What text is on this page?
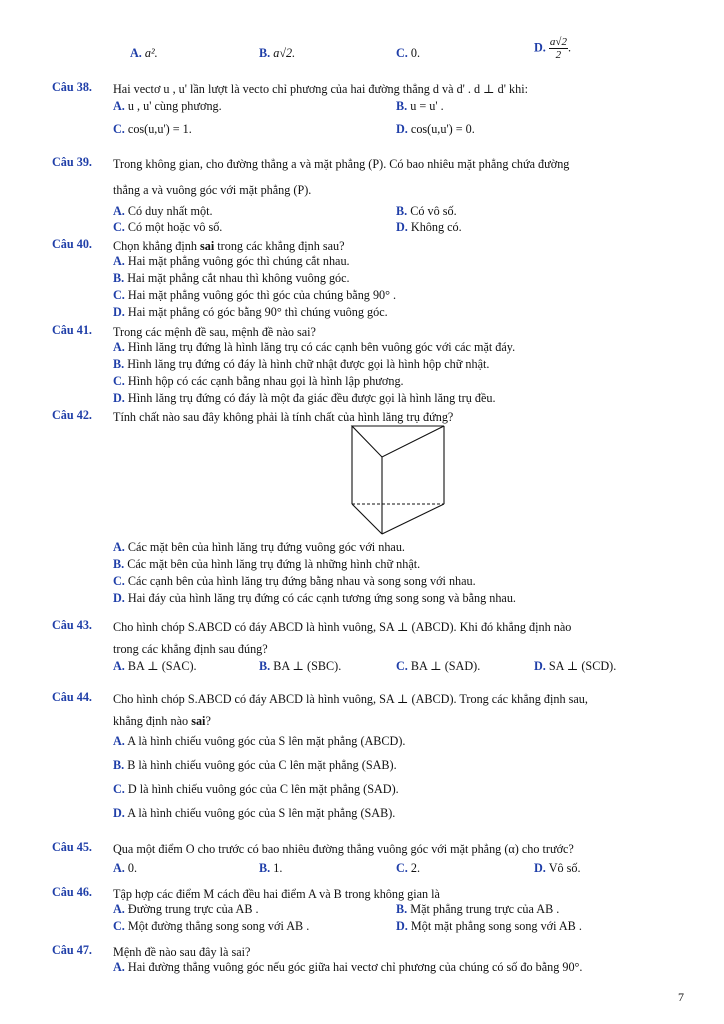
A. a².	B. a√2.	C. 0.	D. $\frac{a√2}{2}$ .
Câu 38. Hai vectơ u , u' lần lượt là vecto chỉ phương của hai đường thẳng d và d' . d ⊥ d' khi:
A. u , u' cùng phương.	B. u = u' .
C. cos(u,u') = 1.	D. cos(u,u') = 0.
Câu 39. Trong không gian, cho đường thẳng a và mặt phẳng (P). Có bao nhiêu mặt phẳng chứa đường
thẳng a và vuông góc với mặt phẳng (P).
A. Có duy nhất một.	B. Có vô số.
C. Có một hoặc vô số.	D. Không có.
Câu 40. Chọn khẳng định sai trong các khẳng định sau?
A. Hai mặt phẳng vuông góc thì chúng cắt nhau.
B. Hai mặt phẳng cắt nhau thì không vuông góc.
C. Hai mặt phẳng vuông góc thì góc của chúng bằng 90° .
D. Hai mặt phẳng có góc bằng 90° thì chúng vuông góc.
Câu 41. Trong các mệnh đề sau, mệnh đề nào sai?
A. Hình lăng trụ đứng là hình lăng trụ có các cạnh bên vuông góc với các mặt đáy.
B. Hình lăng trụ đứng có đáy là hình chữ nhật được gọi là hình hộp chữ nhật.
C. Hình hộp có các cạnh bằng nhau gọi là hình lập phương.
D. Hình lăng trụ đứng có đáy là một đa giác đều được gọi là hình lăng trụ đều.
Câu 42. Tính chất nào sau đây không phải là tính chất của hình lăng trụ đứng?
A. Các mặt bên của hình lăng trụ đứng vuông góc với nhau.
B. Các mặt bên của hình lăng trụ đứng là những hình chữ nhật.
C. Các cạnh bên của hình lăng trụ đứng bằng nhau và song song với nhau.
D. Hai đáy của hình lăng trụ đứng có các cạnh tương ứng song song và bằng nhau.
Câu 43. Cho hình chóp S.ABCD có đáy ABCD là hình vuông, SA ⊥ (ABCD). Khi đó khẳng định nào
trong các khẳng định sau đúng?
A. BA ⊥ (SAC).	B. BA ⊥ (SBC).	C. BA ⊥ (SAD).	D. SA ⊥ (SCD).
Câu 44. Cho hình chóp S.ABCD có đáy ABCD là hình vuông, SA ⊥ (ABCD). Trong các khẳng định sau,
khẳng định nào sai?
A. A là hình chiếu vuông góc của S lên mặt phẳng (ABCD).
B. B là hình chiếu vuông góc của C lên mặt phẳng (SAB).
C. D là hình chiếu vuông góc của C lên mặt phẳng (SAD).
D. A là hình chiếu vuông góc của S lên mặt phẳng (SAB).
Câu 45. Qua một điểm O cho trước có bao nhiêu đường thẳng vuông góc với mặt phẳng (α) cho trước?
A. 0.	B. 1.	C. 2.	D. Vô số.
Câu 46. Tập hợp các điểm M cách đều hai điểm A và B trong không gian là
A. Đường trung trực của AB .	B. Mặt phẳng trung trực của AB .
C. Một đường thẳng song song với AB .	D. Một mặt phẳng song song với AB .
Câu 47. Mệnh đề nào sau đây là sai?
A. Hai đường thẳng vuông góc nếu góc giữa hai vectơ chỉ phương của chúng có số đo bằng 90°.
7
